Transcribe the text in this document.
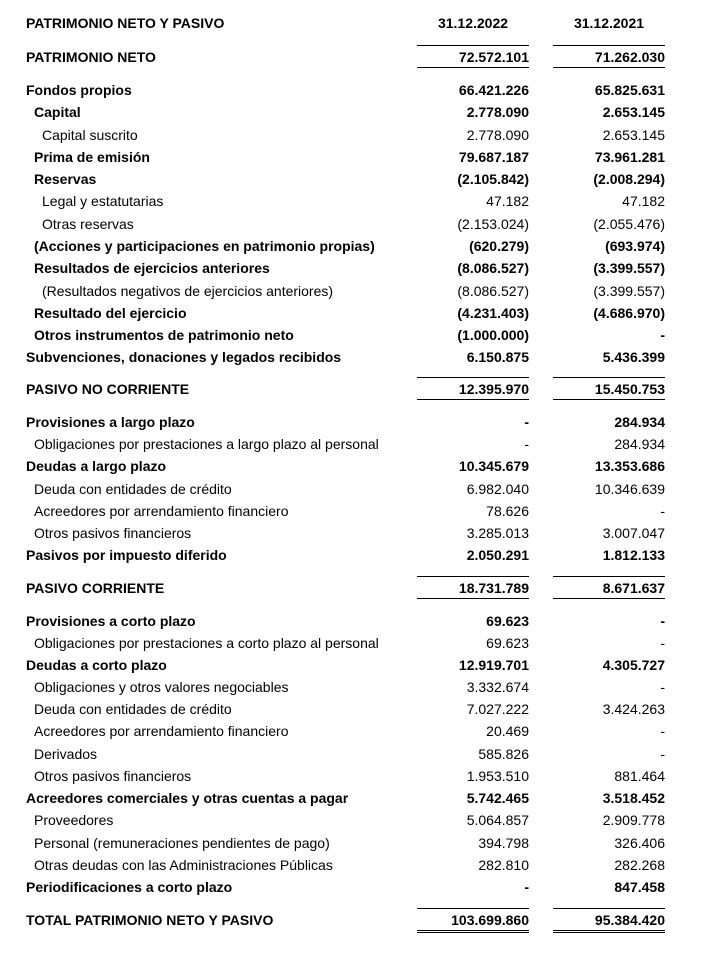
PATRIMONIO NETO Y PASIVO	31.12.2022	31.12.2021
PATRIMONIO NETO	72.572.101	71.262.030
Fondos propios	66.421.226	65.825.631
Capital	2.778.090	2.653.145
Capital suscrito	2.778.090	2.653.145
Prima de emisión	79.687.187	73.961.281
Reservas	(2.105.842)	(2.008.294)
Legal y estatutarias	47.182	47.182
Otras reservas	(2.153.024)	(2.055.476)
(Acciones y participaciones en patrimonio propias)	(620.279)	(693.974)
Resultados de ejercicios anteriores	(8.086.527)	(3.399.557)
(Resultados negativos de ejercicios anteriores)	(8.086.527)	(3.399.557)
Resultado del ejercicio	(4.231.403)	(4.686.970)
Otros instrumentos de patrimonio neto	(1.000.000)	-
Subvenciones, donaciones y legados recibidos	6.150.875	5.436.399
PASIVO NO CORRIENTE	12.395.970	15.450.753
Provisiones a largo plazo	-	284.934
Obligaciones por prestaciones a largo plazo al personal	-	284.934
Deudas a largo plazo	10.345.679	13.353.686
Deuda con entidades de crédito	6.982.040	10.346.639
Acreedores por arrendamiento financiero	78.626	-
Otros pasivos financieros	3.285.013	3.007.047
Pasivos por impuesto diferido	2.050.291	1.812.133
PASIVO CORRIENTE	18.731.789	8.671.637
Provisiones a corto plazo	69.623	-
Obligaciones por prestaciones a corto plazo al personal	69.623	-
Deudas a corto plazo	12.919.701	4.305.727
Obligaciones y otros valores negociables	3.332.674	-
Deuda con entidades de crédito	7.027.222	3.424.263
Acreedores por arrendamiento financiero	20.469	-
Derivados	585.826	-
Otros pasivos financieros	1.953.510	881.464
Acreedores comerciales y otras cuentas a pagar	5.742.465	3.518.452
Proveedores	5.064.857	2.909.778
Personal (remuneraciones pendientes de pago)	394.798	326.406
Otras deudas con las Administraciones Públicas	282.810	282.268
Periodificaciones a corto plazo	-	847.458
TOTAL PATRIMONIO NETO Y PASIVO	103.699.860	95.384.420
